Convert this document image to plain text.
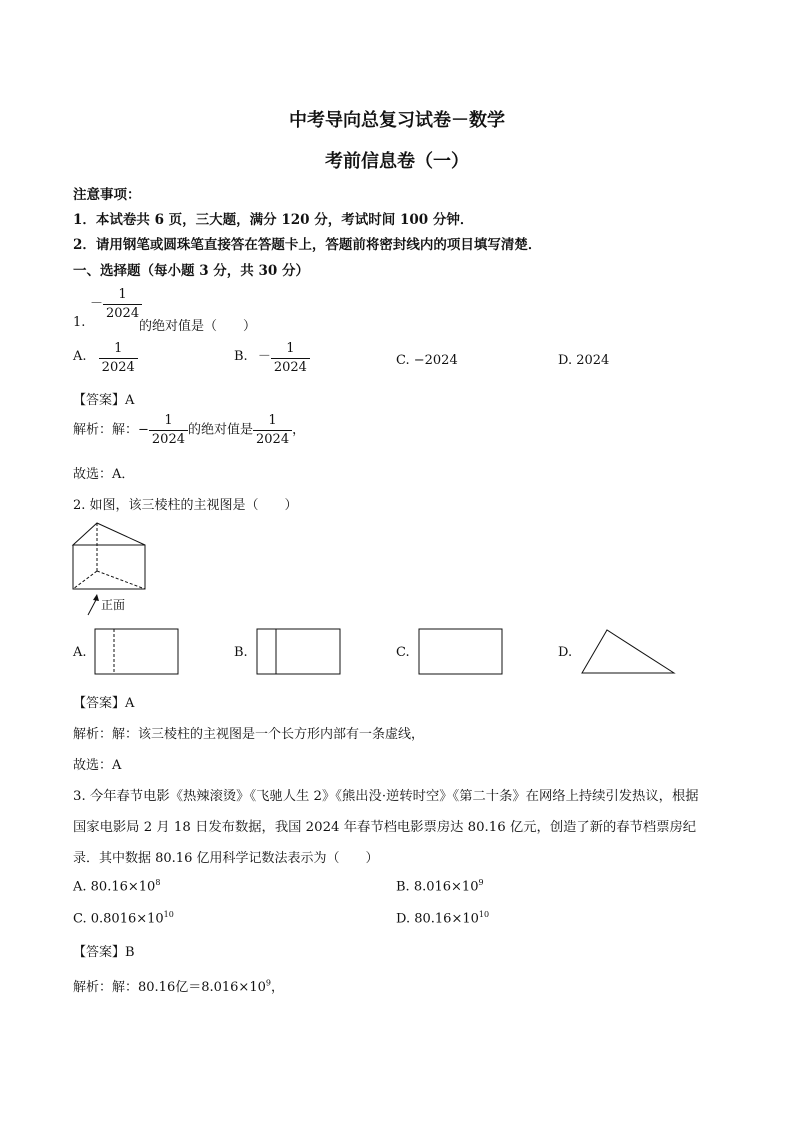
中考导向总复习试卷－数学
考前信息卷（一）
注意事项：
1．本试卷共 6 页，三大题，满分 120 分，考试时间 100 分钟．
2．请用钢笔或圆珠笔直接答在答题卡上，答题前将密封线内的项目填写清楚．
一、选择题（每小题 3 分，共 30 分）
－ $\frac{1}{2024}$
1.	的绝对值是（　　）
A. $\frac{1}{2024}$	B. － $\frac{1}{2024}$	C. −2024	D. 2024
【答案】A
解析：解：− $\frac{1}{2024}$ 的绝对值是 $\frac{1}{2024}$ ，
故选：A．
2. 如图，该三棱柱的主视图是（　　）
正面
A.	B.	C.	D.
【答案】A
解析：解：该三棱柱的主视图是一个长方形内部有一条虚线，
故选：A
3. 今年春节电影《热辣滚烫》《飞驰人生 2》《熊出没·逆转时空》《第二十条》在网络上持续引发热议，根据
国家电影局 2 月 18 日发布数据，我国 2024 年春节档电影票房达 80.16 亿元，创造了新的春节档票房纪
录．其中数据 80.16 亿用科学记数法表示为（　　）
A. $80.16\times 10^8$	B. $8.016\times 10^9$
C. $0.8016\times 10^{10}$	D. $80.16\times 10^{10}$
【答案】B
解析：解：80.16亿$=8.016\times 10^9$，
